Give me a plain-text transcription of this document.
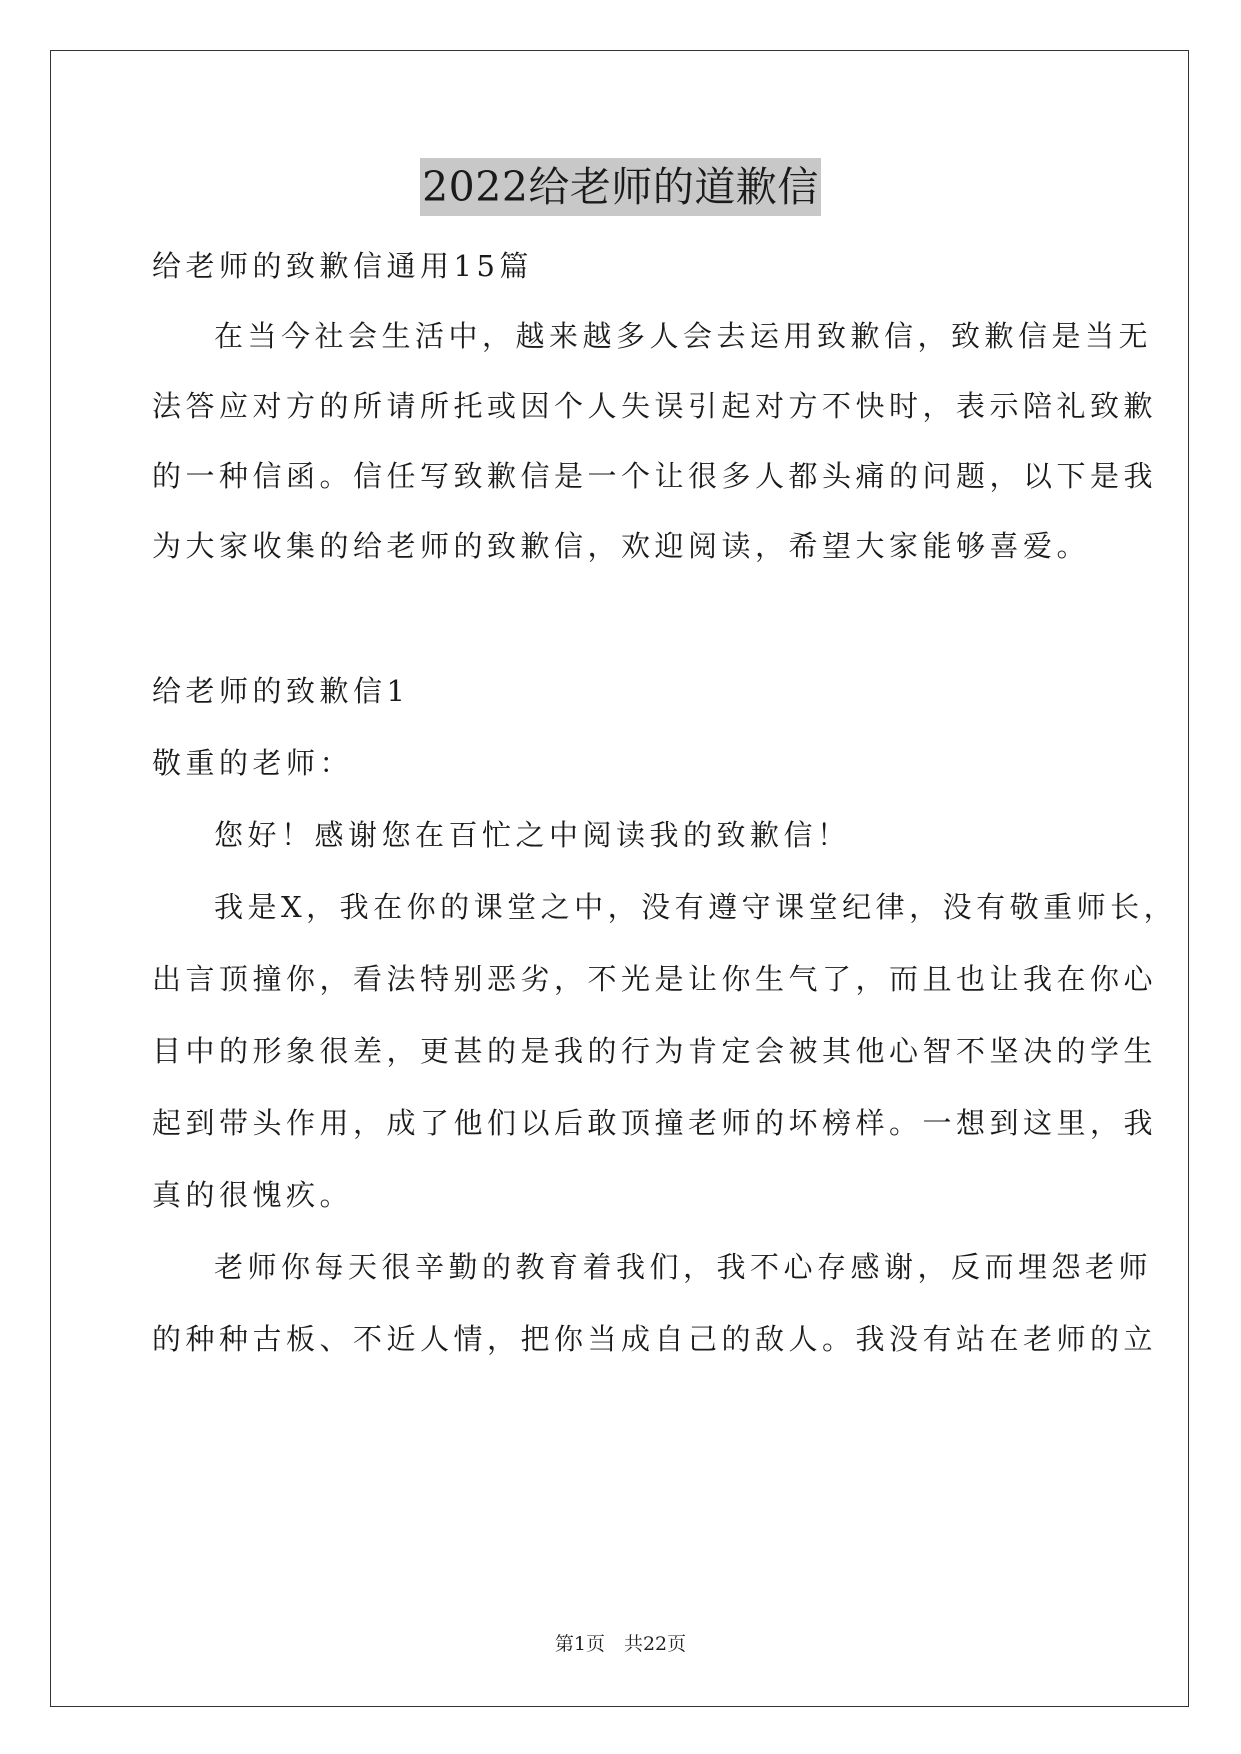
2022给老师的道歉信
给老师的致歉信通用15篇
在当今社会生活中，越来越多人会去运用致歉信，致歉信是当无
法答应对方的所请所托或因个人失误引起对方不快时，表示陪礼致歉
的一种信函。信任写致歉信是一个让很多人都头痛的问题，以下是我
为大家收集的给老师的致歉信，欢迎阅读，希望大家能够喜爱。
给老师的致歉信1
敬重的老师：
您好！感谢您在百忙之中阅读我的致歉信！
我是X，我在你的课堂之中，没有遵守课堂纪律，没有敬重师长，
出言顶撞你，看法特别恶劣，不光是让你生气了，而且也让我在你心
目中的形象很差，更甚的是我的行为肯定会被其他心智不坚决的学生
起到带头作用，成了他们以后敢顶撞老师的坏榜样。一想到这里，我
真的很愧疚。
老师你每天很辛勤的教育着我们，我不心存感谢，反而埋怨老师
的种种古板、不近人情，把你当成自己的敌人。我没有站在老师的立
第1页　共22页
